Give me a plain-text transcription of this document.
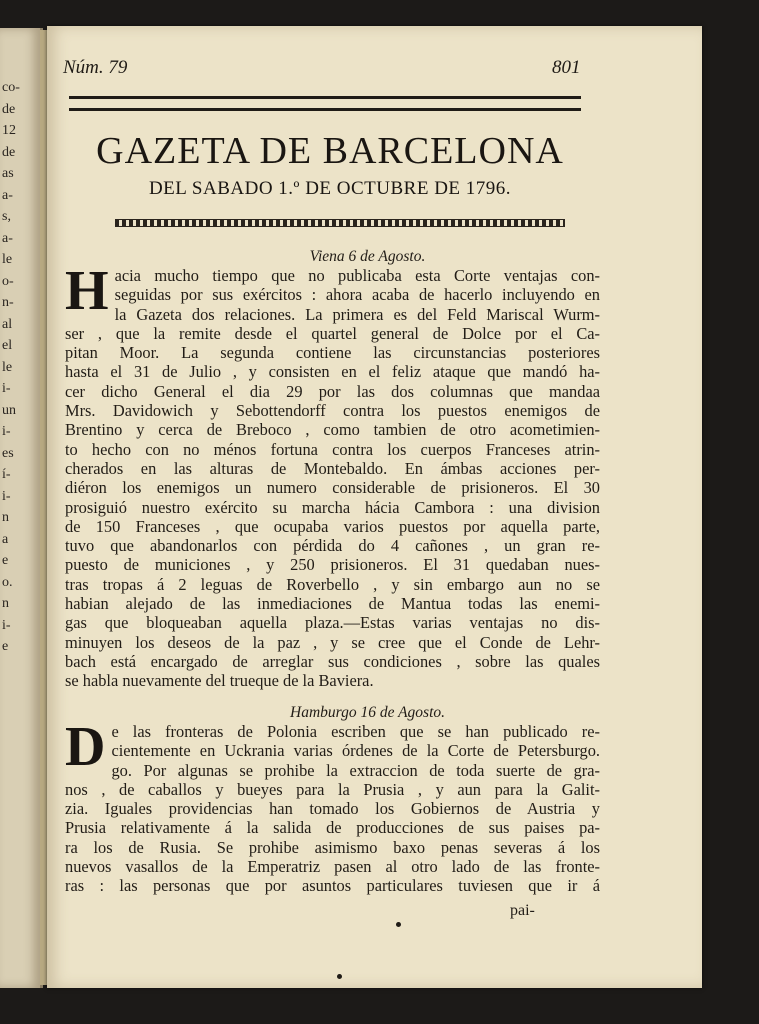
co-
de
12
de
as
a-
s,
a-
le
o-
n-
al
el
le
i-
un
i-
es
í-
i-
n
a
e
o.
n
i-
e
Núm. 79	801
GAZETA DE BARCELONA
DEL SABADO 1.º DE OCTUBRE DE 1796.
Viena 6 de Agosto.
H acia mucho tiempo que no publicaba esta Corte ventajas con-
seguidas por sus exércitos : ahora acaba de hacerlo incluyendo en
la Gazeta dos relaciones. La primera es del Feld Mariscal Wurm-
ser , que la remite desde el quartel general de Dolce por el Ca-
pitan Moor. La segunda contiene las circunstancias posteriores
hasta el 31 de Julio , y consisten en el feliz ataque que mandó ha-
cer dicho General el dia 29 por las dos columnas que mandaa
Mrs. Davidowich y Sebottendorff contra los puestos enemigos de
Brentino y cerca de Breboco , como tambien de otro acometimien-
to hecho con no ménos fortuna contra los cuerpos Franceses atrin-
cherados en las alturas de Montebaldo. En ámbas acciones per-
diéron los enemigos un numero considerable de prisioneros. El 30
prosiguió nuestro exército su marcha hácia Cambora : una division
de 150 Franceses , que ocupaba varios puestos por aquella parte,
tuvo que abandonarlos con pérdida do 4 cañones , un gran re-
puesto de municiones , y 250 prisioneros. El 31 quedaban nues-
tras tropas á 2 leguas de Roverbello , y sin embargo aun no se
habian alejado de las inmediaciones de Mantua todas las enemi-
gas que bloqueaban aquella plaza.—Estas varias ventajas no dis-
minuyen los deseos de la paz , y se cree que el Conde de Lehr-
bach está encargado de arreglar sus condiciones , sobre las quales
se habla nuevamente del trueque de la Baviera.
Hamburgo 16 de Agosto.
D e las fronteras de Polonia escriben que se han publicado re-
cientemente en Uckrania varias órdenes de la Corte de Petersburgo.
go. Por algunas se prohibe la extraccion de toda suerte de gra-
nos , de caballos y bueyes para la Prusia , y aun para la Galit-
zia. Iguales providencias han tomado los Gobiernos de Austria y
Prusia relativamente á la salida de producciones de sus paises pa-
ra los de Rusia. Se prohibe asimismo baxo penas severas á los
nuevos vasallos de la Emperatriz pasen al otro lado de las fronte-
ras : las personas que por asuntos particulares tuviesen que ir á
pai-
